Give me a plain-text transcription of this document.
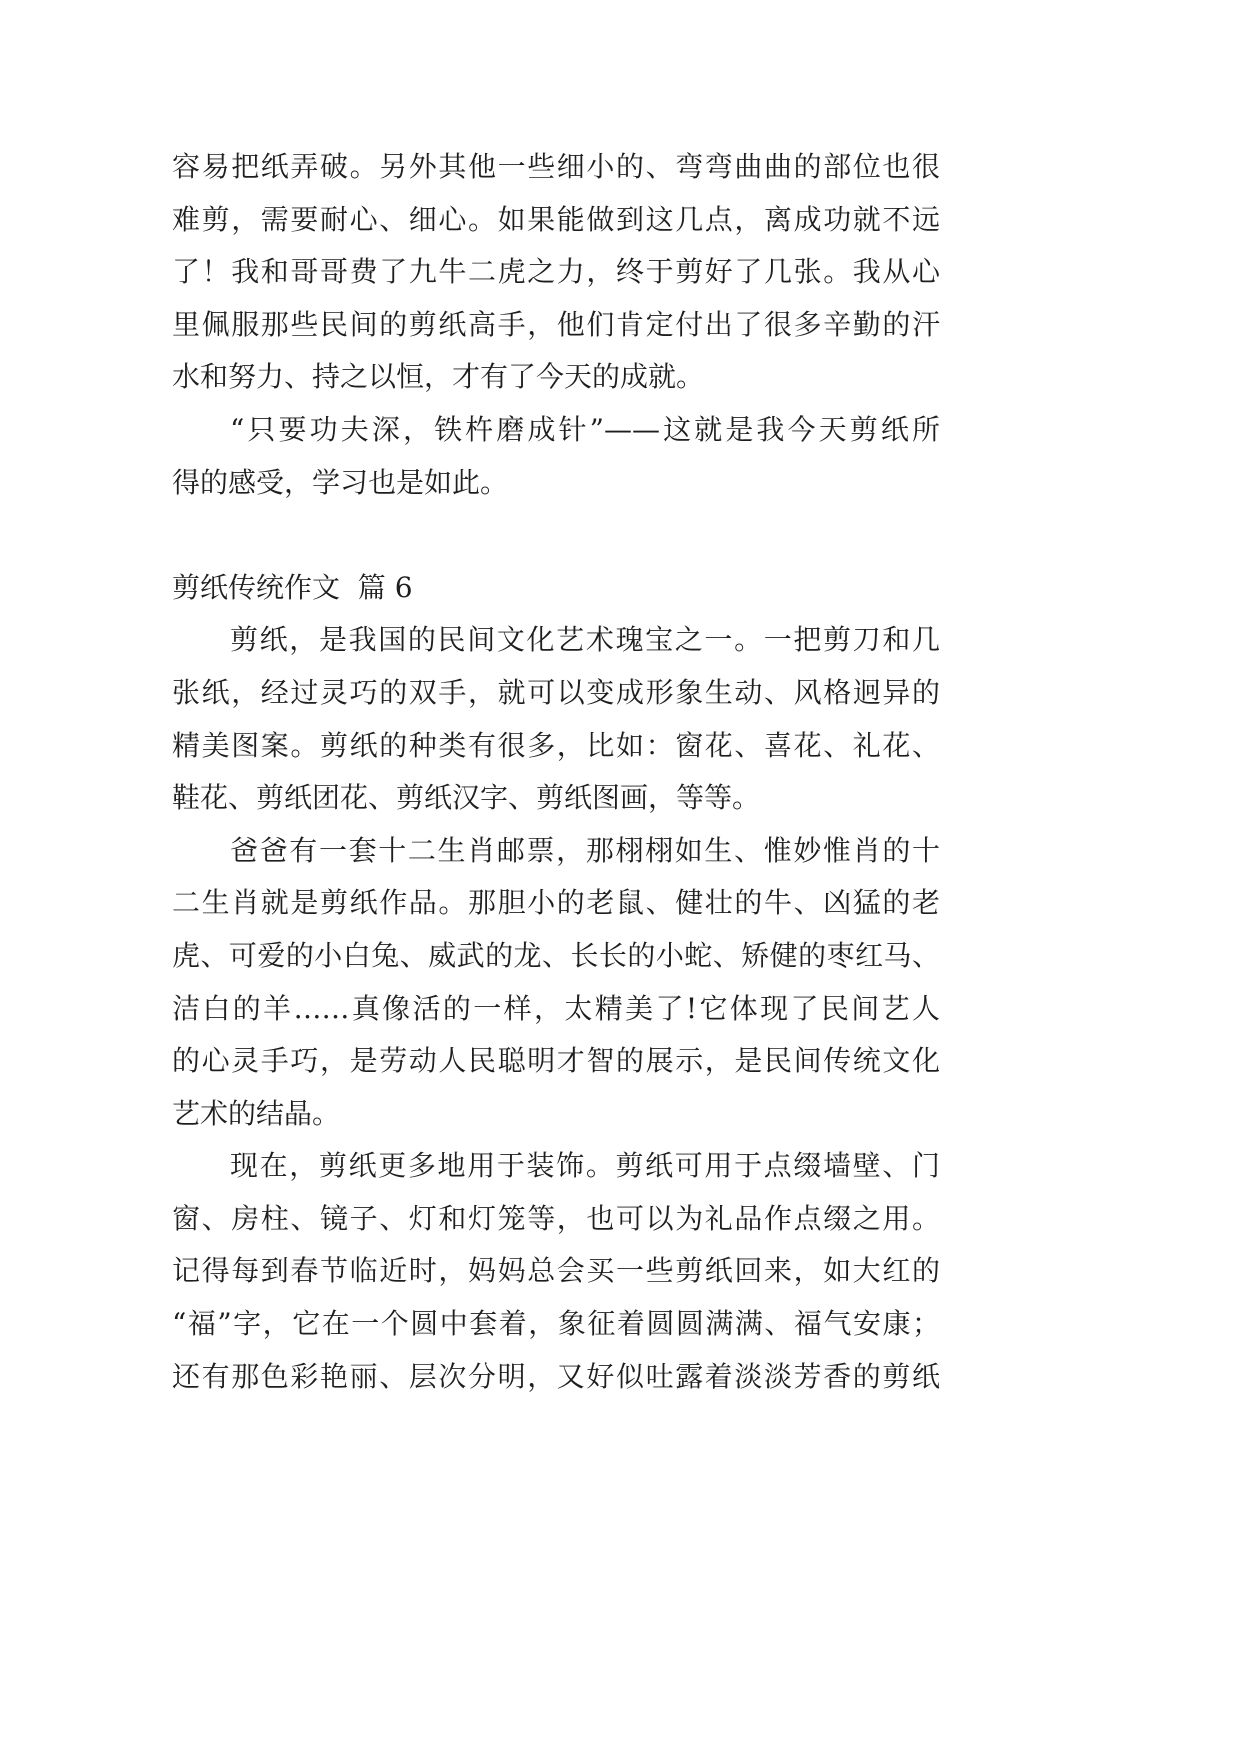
容易把纸弄破。另外其他一些细小的、弯弯曲曲的部位也很
难剪，需要耐心、细心。如果能做到这几点，离成功就不远
了！我和哥哥费了九牛二虎之力，终于剪好了几张。我从心
里佩服那些民间的剪纸高手，他们肯定付出了很多辛勤的汗
水和努力、持之以恒，才有了今天的成就。
“只要功夫深，铁杵磨成针”——这就是我今天剪纸所
得的感受，学习也是如此。
剪纸传统作文  篇 6
剪纸，是我国的民间文化艺术瑰宝之一。一把剪刀和几
张纸，经过灵巧的双手，就可以变成形象生动、风格迥异的
精美图案。剪纸的种类有很多，比如：窗花、喜花、礼花、
鞋花、剪纸团花、剪纸汉字、剪纸图画，等等。
爸爸有一套十二生肖邮票，那栩栩如生、惟妙惟肖的十
二生肖就是剪纸作品。那胆小的老鼠、健壮的牛、凶猛的老
虎、可爱的小白兔、威武的龙、长长的小蛇、矫健的枣红马、
洁白的羊……真像活的一样，太精美了!它体现了民间艺人
的心灵手巧，是劳动人民聪明才智的展示，是民间传统文化
艺术的结晶。
现在，剪纸更多地用于装饰。剪纸可用于点缀墙壁、门
窗、房柱、镜子、灯和灯笼等，也可以为礼品作点缀之用。
记得每到春节临近时，妈妈总会买一些剪纸回来，如大红的
“福”字，它在一个圆中套着，象征着圆圆满满、福气安康；
还有那色彩艳丽、层次分明，又好似吐露着淡淡芳香的剪纸
